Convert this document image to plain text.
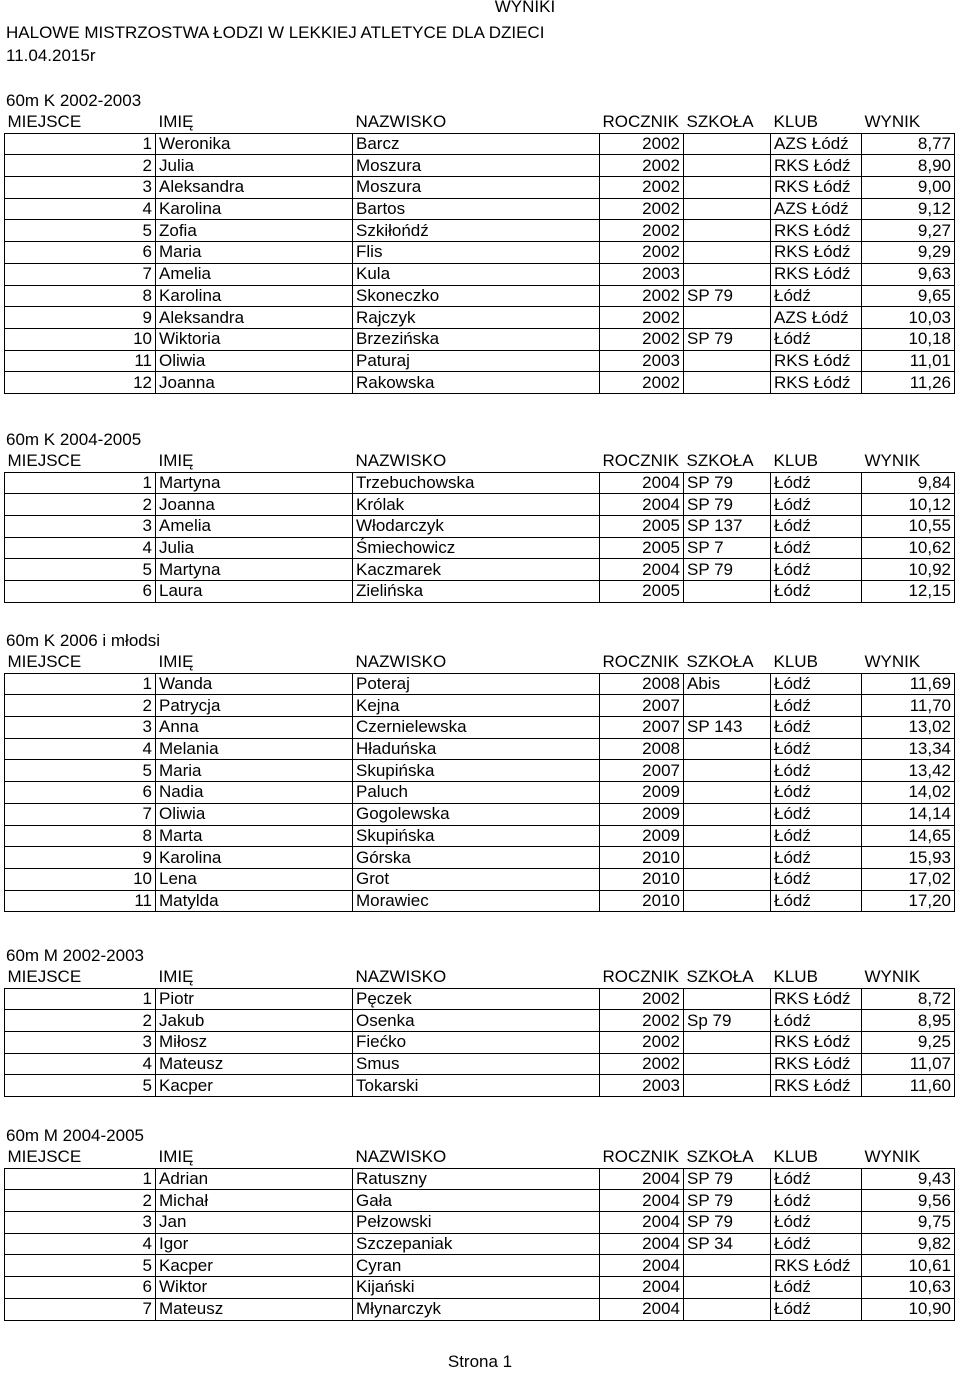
WYNIKI
HALOWE MISTRZOSTWA ŁODZI W LEKKIEJ ATLETYCE DLA DZIECI
11.04.2015r
60m K 2002-2003
MIEJSCE	IMIĘ	NAZWISKO	ROCZNIK	SZKOŁA	KLUB	WYNIK
1	Weronika	Barcz	2002		AZS Łódź	8,77
2	Julia	Moszura	2002		RKS Łódź	8,90
3	Aleksandra	Moszura	2002		RKS Łódź	9,00
4	Karolina	Bartos	2002		AZS Łódź	9,12
5	Zofia	Szkiłońdź	2002		RKS Łódź	9,27
6	Maria	Flis	2002		RKS Łódź	9,29
7	Amelia	Kula	2003		RKS Łódź	9,63
8	Karolina	Skoneczko	2002	SP 79	Łódź	9,65
9	Aleksandra	Rajczyk	2002		AZS Łódź	10,03
10	Wiktoria	Brzezińska	2002	SP 79	Łódź	10,18
11	Oliwia	Paturaj	2003		RKS Łódź	11,01
12	Joanna	Rakowska	2002		RKS Łódź	11,26
60m K 2004-2005
MIEJSCE	IMIĘ	NAZWISKO	ROCZNIK	SZKOŁA	KLUB	WYNIK
1	Martyna	Trzebuchowska	2004	SP 79	Łódź	9,84
2	Joanna	Królak	2004	SP 79	Łódź	10,12
3	Amelia	Włodarczyk	2005	SP 137	Łódź	10,55
4	Julia	Śmiechowicz	2005	SP 7	Łódź	10,62
5	Martyna	Kaczmarek	2004	SP 79	Łódź	10,92
6	Laura	Zielińska	2005		Łódź	12,15
60m K 2006 i młodsi
MIEJSCE	IMIĘ	NAZWISKO	ROCZNIK	SZKOŁA	KLUB	WYNIK
1	Wanda	Poteraj	2008	Abis	Łódź	11,69
2	Patrycja	Kejna	2007		Łódź	11,70
3	Anna	Czernielewska	2007	SP 143	Łódź	13,02
4	Melania	Hładuńska	2008		Łódź	13,34
5	Maria	Skupińska	2007		Łódź	13,42
6	Nadia	Paluch	2009		Łódź	14,02
7	Oliwia	Gogolewska	2009		Łódź	14,14
8	Marta	Skupińska	2009		Łódź	14,65
9	Karolina	Górska	2010		Łódź	15,93
10	Lena	Grot	2010		Łódź	17,02
11	Matylda	Morawiec	2010		Łódź	17,20
60m M 2002-2003
MIEJSCE	IMIĘ	NAZWISKO	ROCZNIK	SZKOŁA	KLUB	WYNIK
1	Piotr	Pęczek	2002		RKS Łódź	8,72
2	Jakub	Osenka	2002	Sp 79	Łódź	8,95
3	Miłosz	Fiećko	2002		RKS Łódź	9,25
4	Mateusz	Smus	2002		RKS Łódź	11,07
5	Kacper	Tokarski	2003		RKS Łódź	11,60
60m M 2004-2005
MIEJSCE	IMIĘ	NAZWISKO	ROCZNIK	SZKOŁA	KLUB	WYNIK
1	Adrian	Ratuszny	2004	SP 79	Łódź	9,43
2	Michał	Gała	2004	SP 79	Łódź	9,56
3	Jan	Pełzowski	2004	SP 79	Łódź	9,75
4	Igor	Szczepaniak	2004	SP 34	Łódź	9,82
5	Kacper	Cyran	2004		RKS Łódź	10,61
6	Wiktor	Kijański	2004		Łódź	10,63
7	Mateusz	Młynarczyk	2004		Łódź	10,90
Strona 1
